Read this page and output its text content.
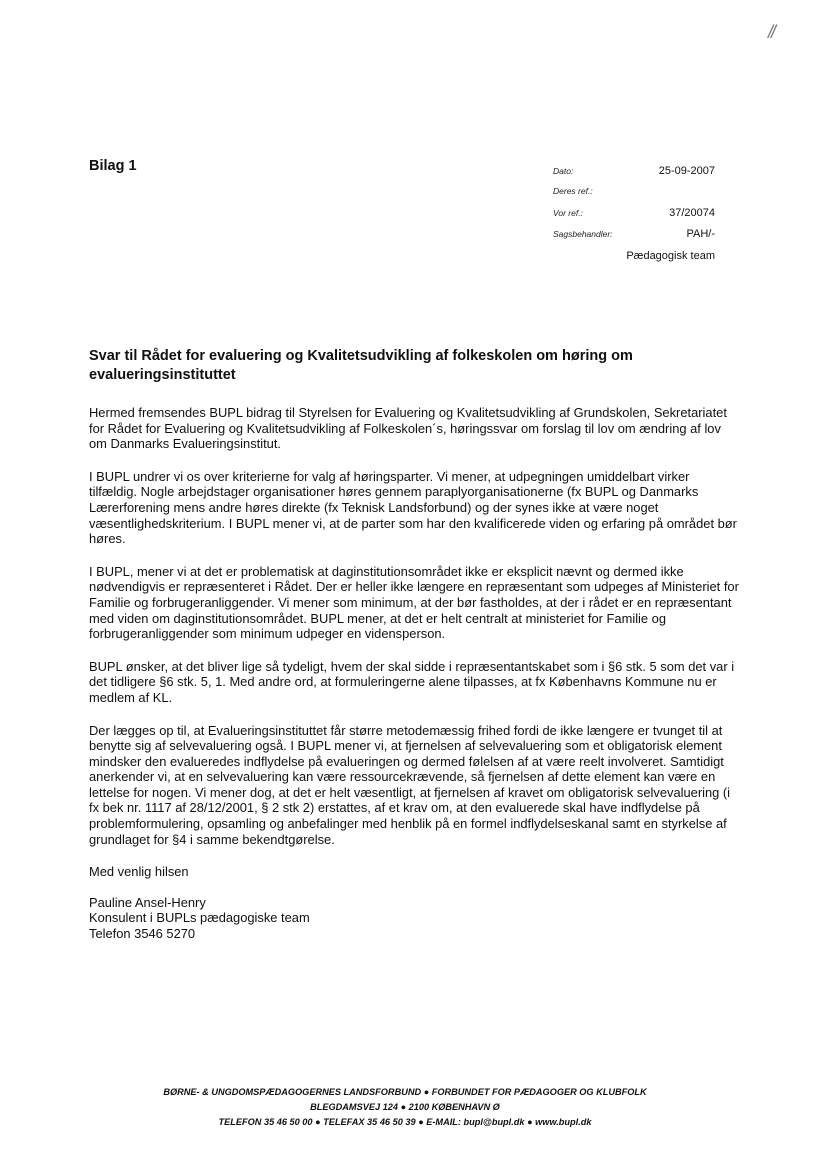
//
Bilag 1	Dato:	25-09-2007
Deres ref.:
Vor ref.:	37/20074
Sagsbehandler:	PAH/-
Pædagogisk team
Svar til Rådet for evaluering og Kvalitetsudvikling af folkeskolen om høring om evalueringsinstituttet

Hermed fremsendes BUPL bidrag til Styrelsen for Evaluering og Kvalitetsudvikling af Grundskolen, Sekretariatet for Rådet for Evaluering og Kvalitetsudvikling af Folkeskolen´s, høringssvar om forslag til lov om ændring af lov om Danmarks Evalueringsinstitut.

I BUPL undrer vi os over kriterierne for valg af høringsparter. Vi mener, at udpegningen umiddelbart virker tilfældig. Nogle arbejdstager organisationer høres gennem paraplyorganisationerne (fx BUPL og Danmarks Lærerforening mens andre høres direkte (fx Teknisk Landsforbund) og der synes ikke at være noget væsentlighedskriterium. I BUPL mener vi, at de parter som har den kvalificerede viden og erfaring på området bør høres.

I BUPL, mener vi at det er problematisk at daginstitutionsområdet ikke er eksplicit nævnt og dermed ikke nødvendigvis er repræsenteret i Rådet. Der er heller ikke længere en repræsentant som udpeges af Ministeriet for Familie og forbrugeranliggender. Vi mener som minimum, at der bør fastholdes, at der i rådet er en repræsentant med viden om daginstitutionsområdet. BUPL mener, at det er helt centralt at ministeriet for Familie og forbrugeranliggender som minimum udpeger en vidensperson.

BUPL ønsker, at det bliver lige så tydeligt, hvem der skal sidde i repræsentantskabet som i §6 stk. 5 som det var i det tidligere §6 stk. 5, 1. Med andre ord, at formuleringerne alene tilpasses, at fx Københavns Kommune nu er medlem af KL.

Der lægges op til, at Evalueringsinstituttet får større metodemæssig frihed fordi de ikke længere er tvunget til at benytte sig af selvevaluering også. I BUPL mener vi, at fjernelsen af selvevaluering som et obligatorisk element mindsker den evalueredes indflydelse på evalueringen og dermed følelsen af at være reelt involveret. Samtidigt anerkender vi, at en selvevaluering kan være ressourcekrævende, så fjernelsen af dette element kan være en lettelse for nogen. Vi mener dog, at det er helt væsentligt, at fjernelsen af kravet om obligatorisk selvevaluering (i fx bek nr. 1117 af 28/12/2001, § 2 stk 2) erstattes, af et krav om, at den evaluerede skal have indflydelse på problemformulering, opsamling og anbefalinger med henblik på en formel indflydelseskanal samt en styrkelse af grundlaget for §4 i samme bekendtgørelse.

Med venlig hilsen

Pauline Ansel-Henry

Konsulent i BUPLs pædagogiske team

Telefon 3546 5270

BØRNE- & UNGDOMSPÆDAGOGERNES LANDSFORBUND ● FORBUNDET FOR PÆDAGOGER OG KLUBFOLK
BLEGDAMSVEJ 124 ● 2100 KØBENHAVN Ø
TELEFON 35 46 50 00 ● TELEFAX 35 46 50 39 ● E-MAIL: bupl@bupl.dk ● www.bupl.dk
